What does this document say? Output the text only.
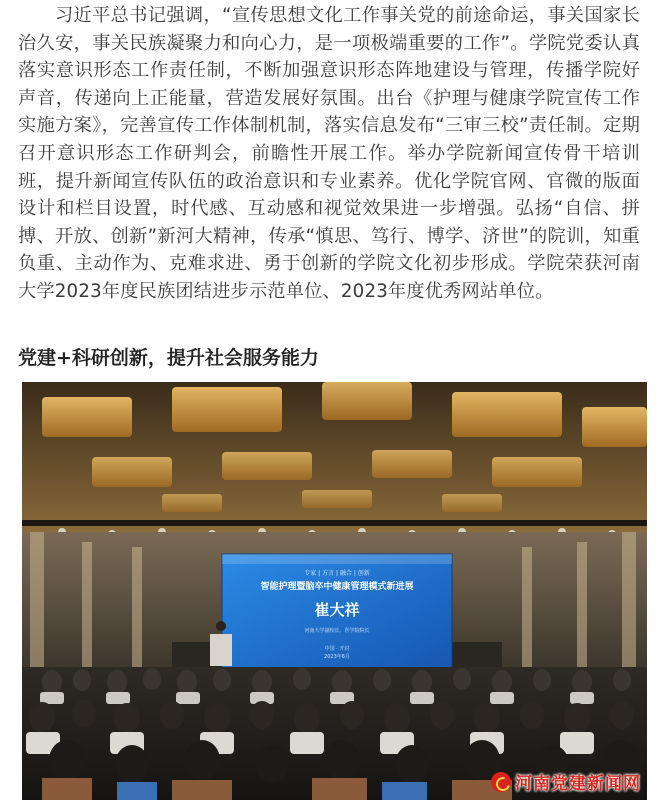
习近平总书记强调，“宣传思想文化工作事关党的前途命运，事关国家长治久安，事关民族凝聚力和向心力，是一项极端重要的工作”。学院党委认真落实意识形态工作责任制，不断加强意识形态阵地建设与管理，传播学院好声音，传递向上正能量，营造发展好氛围。出台《护理与健康学院宣传工作实施方案》，完善宣传工作体制机制，落实信息发布“三审三校”责任制。定期召开意识形态工作研判会，前瞻性开展工作。举办学院新闻宣传骨干培训班，提升新闻宣传队伍的政治意识和专业素养。优化学院官网、官微的版面设计和栏目设置，时代感、互动感和视觉效果进一步增强。弘扬“自信、拼搏、开放、创新”新河大精神，传承“慎思、笃行、博学、济世”的院训，知重负重、主动作为、克难求进、勇于创新的学院文化初步形成。学院荣获河南大学2023年度民族团结进步示范单位、2023年度优秀网站单位。

党建+科研创新，提升社会服务能力
专家 | 方言 | 融合 | 创新
智能护理暨脑卒中健康管理模式新进展
崔大祥
河南大学副校长、医学院院长
中国 · 开封
2023年6月
河南党建新闻网
